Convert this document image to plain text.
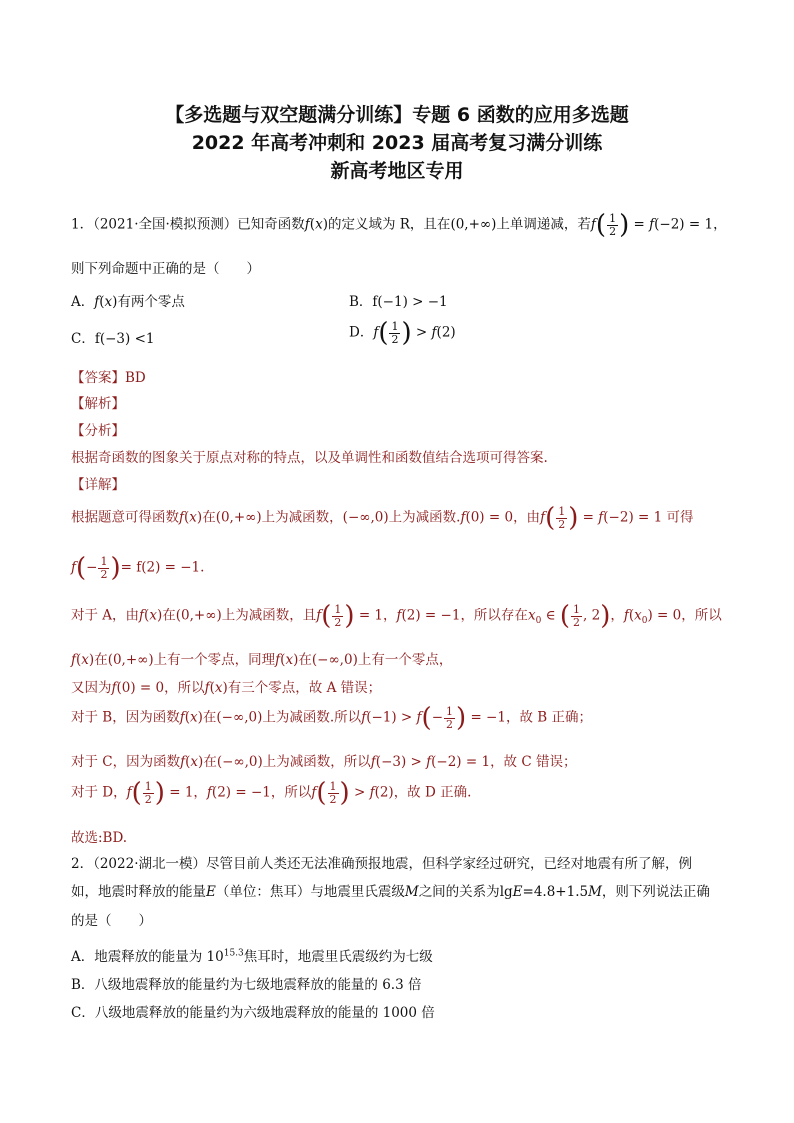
【多选题与双空题满分训练】专题 6 函数的应用多选题
2022 年高考冲刺和 2023 届高考复习满分训练
新高考地区专用
1．（2021·全国·模拟预测）已知奇函数f(x)的定义域为 R，且在(0,+∞)上单调递减，若$f( \frac{1}{2}$ ) = f(−2) = 1，
则下列命题中正确的是（　　）
A．f(x)有两个零点	B．f(−1) > −1
C．f(−3) <1	D．$f( \frac{1}{2}$ ) > f(2)
【答案】BD
【解析】
【分析】
根据奇函数的图象关于原点对称的特点，以及单调性和函数值结合选项可得答案.
【详解】
根据题意可得函数f(x)在(0,+∞)上为减函数，(−∞,0)上为减函数.f(0) = 0，由$f( \frac{1}{2}$ ) = f(−2) = 1 可得
$f(- \frac{1}{2}$ )= f(2) = −1.
对于 A，由f(x)在(0,+∞)上为减函数，且$f( \frac{1}{2}$ ) = 1，f(2) = −1，所以存在$x_0$ ∈ ( $\frac{1}{2}$ , 2)，$f(x_0) = 0$，所以
f(x)在(0,+∞)上有一个零点，同理f(x)在(−∞,0)上有一个零点，
又因为f(0) = 0，所以f(x)有三个零点，故 A 错误；
对于 B，因为函数f(x)在(−∞,0)上为减函数.所以$f(-1) > f(- \frac{1}{2}$ ) = −1，故 B 正确；
对于 C，因为函数f(x)在(−∞,0)上为减函数，所以f(−3) > f(−2) = 1，故 C 错误；
对于 D，$f( \frac{1}{2}$ ) = 1，f(2) = −1，所以$f( \frac{1}{2}$ ) > f(2)，故 D 正确.
故选:BD.
2．（2022·湖北一模）尽管目前人类还无法准确预报地震，但科学家经过研究，已经对地震有所了解，例
如，地震时释放的能量E（单位：焦耳）与地震里氏震级M之间的关系为lgE=4.8+1.5M，则下列说法正确
的是（　　）
A．地震释放的能量为 $10^{15.3}$焦耳时，地震里氏震级约为七级
B．八级地震释放的能量约为七级地震释放的能量的 6.3 倍
C．八级地震释放的能量约为六级地震释放的能量的 1000 倍
